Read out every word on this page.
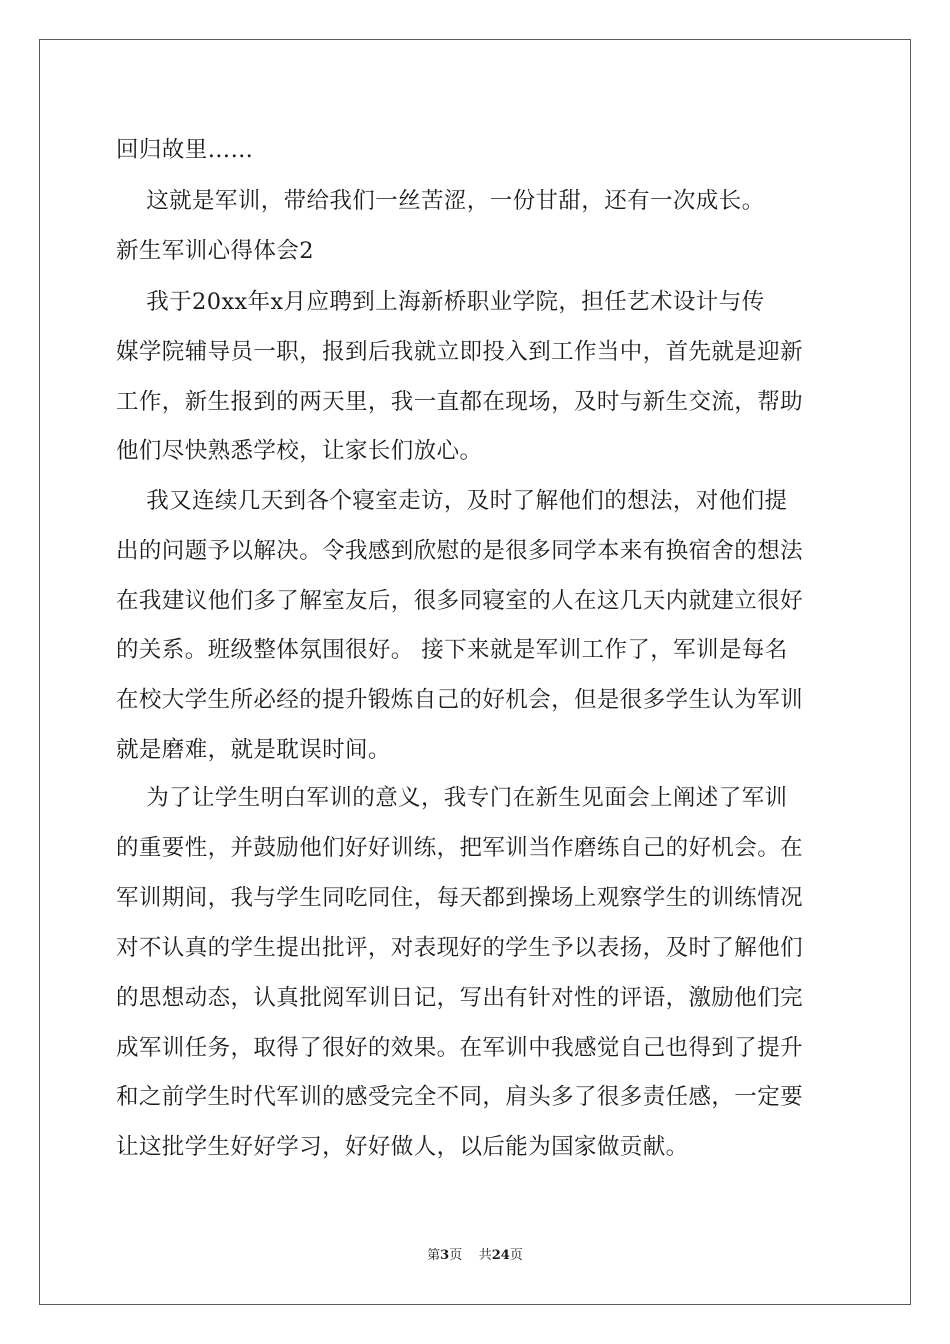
回归故里……
这就是军训，带给我们一丝苦涩，一份甘甜，还有一次成长。
新生军训心得体会2
我于20xx年x月应聘到上海新桥职业学院，担任艺术设计与传
媒学院辅导员一职，报到后我就立即投入到工作当中，首先就是迎新
工作，新生报到的两天里，我一直都在现场，及时与新生交流，帮助
他们尽快熟悉学校，让家长们放心。
我又连续几天到各个寝室走访，及时了解他们的想法，对他们提
出的问题予以解决。令我感到欣慰的是很多同学本来有换宿舍的想法
在我建议他们多了解室友后，很多同寝室的人在这几天内就建立很好
的关系。班级整体氛围很好。 接下来就是军训工作了，军训是每名
在校大学生所必经的提升锻炼自己的好机会，但是很多学生认为军训
就是磨难，就是耽误时间。
为了让学生明白军训的意义，我专门在新生见面会上阐述了军训
的重要性，并鼓励他们好好训练，把军训当作磨练自己的好机会。在
军训期间，我与学生同吃同住，每天都到操场上观察学生的训练情况
对不认真的学生提出批评，对表现好的学生予以表扬，及时了解他们
的思想动态，认真批阅军训日记，写出有针对性的评语，激励他们完
成军训任务，取得了很好的效果。在军训中我感觉自己也得到了提升
和之前学生时代军训的感受完全不同，肩头多了很多责任感，一定要
让这批学生好好学习，好好做人，以后能为国家做贡献。
第3页 共24页
